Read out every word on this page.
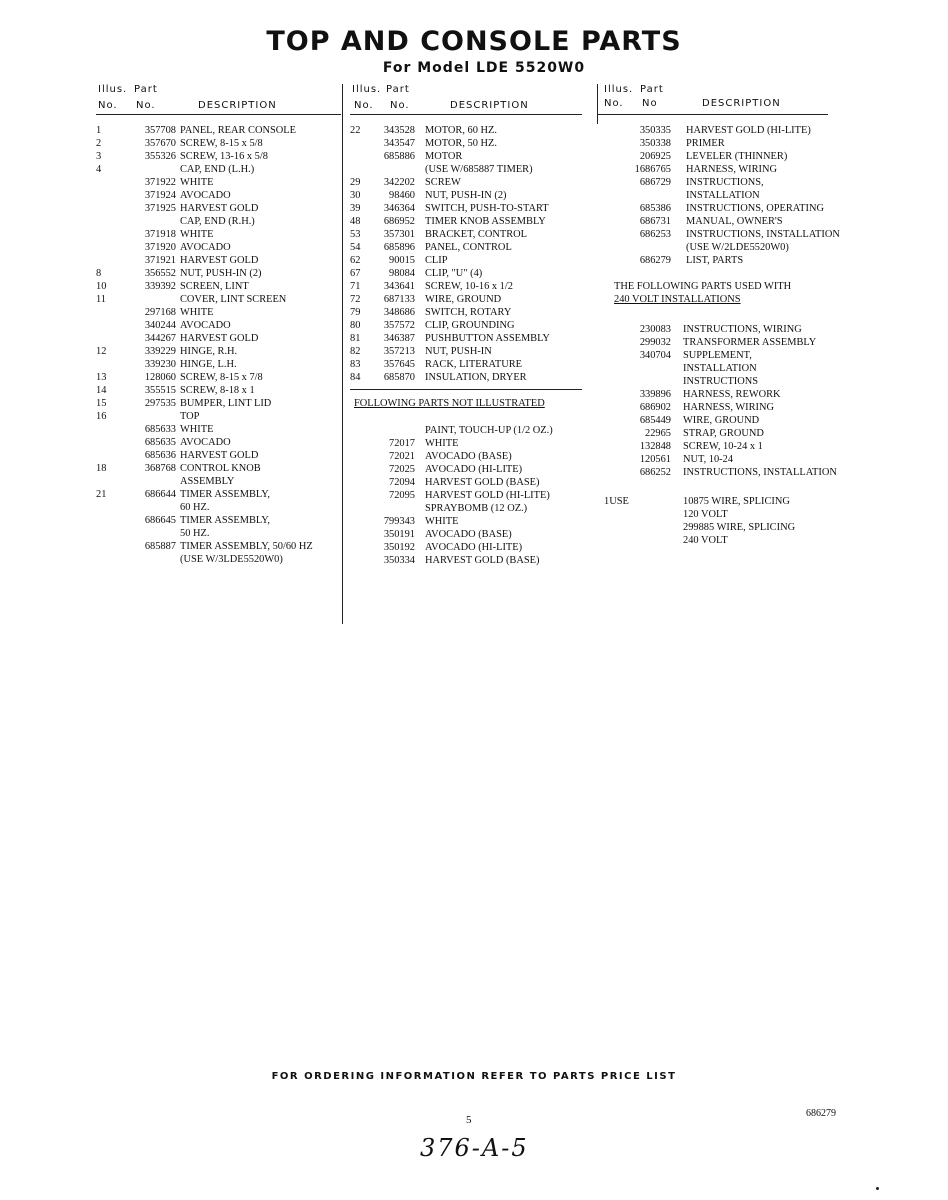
TOP AND CONSOLE PARTS
For Model LDE 5520W0
Illus. Part
No. No.	DESCRIPTION
1	357708 PANEL, REAR CONSOLE
2	357670 SCREW, 8-15 x 5/8
3	355326 SCREW, 13-16 x 5/8
4	CAP, END (L.H.)
371922 WHITE
371924 AVOCADO
371925 HARVEST GOLD
CAP, END (R.H.)
371918 WHITE
371920 AVOCADO
371921 HARVEST GOLD
8	356552 NUT, PUSH-IN (2)
10	339392 SCREEN, LINT
11	COVER, LINT SCREEN
297168 WHITE
340244 AVOCADO
344267 HARVEST GOLD
12	339229 HINGE, R.H.
339230 HINGE, L.H.
13	128060 SCREW, 8-15 x 7/8
14	355515 SCREW, 8-18 x 1
15	297535 BUMPER, LINT LID
16	TOP
685633 WHITE
685635 AVOCADO
685636 HARVEST GOLD
18	368768 CONTROL KNOB
ASSEMBLY
21	686644 TIMER ASSEMBLY,
60 HZ.
686645 TIMER ASSEMBLY,
50 HZ.
685887 TIMER ASSEMBLY, 50/60 HZ
(USE W/3LDE5520W0)
Illus. Part
No. No.	DESCRIPTION
22	343528 MOTOR, 60 HZ.
343547 MOTOR, 50 HZ.
685886 MOTOR
(USE W/685887 TIMER)
29	342202 SCREW
30	98460 NUT, PUSH-IN (2)
39	346364 SWITCH, PUSH-TO-START
48	686952 TIMER KNOB ASSEMBLY
53	357301 BRACKET, CONTROL
54	685896 PANEL, CONTROL
62	90015 CLIP
67	98084 CLIP, "U" (4)
71	343641 SCREW, 10-16 x 1/2
72	687133 WIRE, GROUND
79	348686 SWITCH, ROTARY
80	357572 CLIP, GROUNDING
81	346387 PUSHBUTTON ASSEMBLY
82	357213 NUT, PUSH-IN
83	357645 RACK, LITERATURE
84	685870 INSULATION, DRYER
FOLLOWING PARTS NOT ILLUSTRATED
PAINT, TOUCH-UP (1/2 OZ.)
72017 WHITE
72021 AVOCADO (BASE)
72025 AVOCADO (HI-LITE)
72094 HARVEST GOLD (BASE)
72095 HARVEST GOLD (HI-LITE)
SPRAYBOMB (12 OZ.)
799343 WHITE
350191 AVOCADO (BASE)
350192 AVOCADO (HI-LITE)
350334 HARVEST GOLD (BASE)
Illus. Part
No. No	DESCRIPTION
350335 HARVEST GOLD (HI-LITE)
350338 PRIMER
206925 LEVELER (THINNER)
1686765 HARNESS, WIRING
686729 INSTRUCTIONS,
INSTALLATION
685386 INSTRUCTIONS, OPERATING
686731 MANUAL, OWNER'S
686253 INSTRUCTIONS, INSTALLATION
(USE W/2LDE5520W0)
686279 LIST, PARTS
THE FOLLOWING PARTS USED WITH
240 VOLT INSTALLATIONS
230083 INSTRUCTIONS, WIRING
299032 TRANSFORMER ASSEMBLY
340704 SUPPLEMENT,
INSTALLATION
INSTRUCTIONS
339896 HARNESS, REWORK
686902 HARNESS, WIRING
685449 WIRE, GROUND
22965 STRAP, GROUND
132848 SCREW, 10-24 x 1
120561 NUT, 10-24
686252 INSTRUCTIONS, INSTALLATION
1USE	10875 WIRE, SPLICING
120 VOLT
299885 WIRE, SPLICING
240 VOLT
FOR ORDERING INFORMATION REFER TO PARTS PRICE LIST
5
686279
376-A-5
